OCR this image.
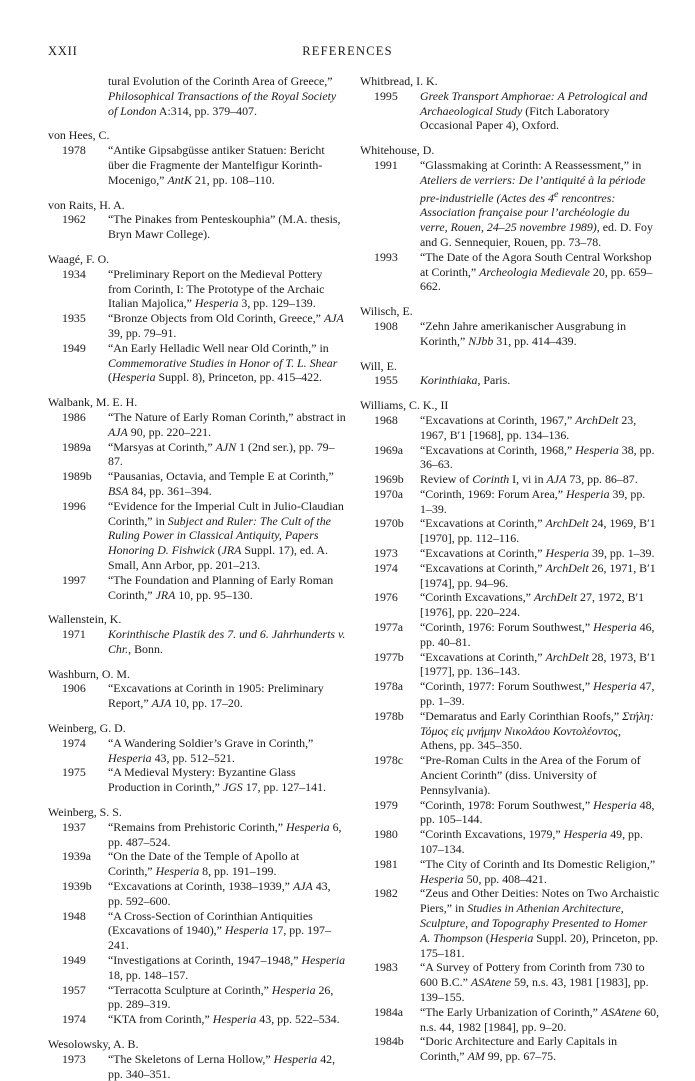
XXII	REFERENCES
tural Evolution of the Corinth Area of Greece,” Philosophical Transactions of the Royal Society of London A:314, pp. 379–407.
von Hees, C.
1978	“Antike Gipsabgüsse antiker Statuen: Bericht über die Fragmente der Mantelfigur Korinth-Mocenigo,” AntK 21, pp. 108–110.
von Raits, H. A.
1962	“The Pinakes from Penteskouphia” (M.A. thesis, Bryn Mawr College).
Waagé, F. O.
1934	“Preliminary Report on the Medieval Pottery from Corinth, I: The Prototype of the Archaic Italian Majolica,” Hesperia 3, pp. 129–139.
1935	“Bronze Objects from Old Corinth, Greece,” AJA 39, pp. 79–91.
1949	“An Early Helladic Well near Old Corinth,” in Commemorative Studies in Honor of T. L. Shear (Hesperia Suppl. 8), Princeton, pp. 415–422.
Walbank, M. E. H.
1986	“The Nature of Early Roman Corinth,” abstract in AJA 90, pp. 220–221.
1989a	“Marsyas at Corinth,” AJN 1 (2nd ser.), pp. 79–87.
1989b	“Pausanias, Octavia, and Temple E at Corinth,” BSA 84, pp. 361–394.
1996	“Evidence for the Imperial Cult in Julio-Claudian Corinth,” in Subject and Ruler: The Cult of the Ruling Power in Classical Antiquity, Papers Honoring D. Fishwick (JRA Suppl. 17), ed. A. Small, Ann Arbor, pp. 201–213.
1997	“The Foundation and Planning of Early Roman Corinth,” JRA 10, pp. 95–130.
Wallenstein, K.
1971	Korinthische Plastik des 7. und 6. Jahrhunderts v. Chr., Bonn.
Washburn, O. M.
1906	“Excavations at Corinth in 1905: Preliminary Report,” AJA 10, pp. 17–20.
Weinberg, G. D.
1974	“A Wandering Soldier’s Grave in Corinth,” Hesperia 43, pp. 512–521.
1975	“A Medieval Mystery: Byzantine Glass Production in Corinth,” JGS 17, pp. 127–141.
Weinberg, S. S.
1937	“Remains from Prehistoric Corinth,” Hesperia 6, pp. 487–524.
1939a	“On the Date of the Temple of Apollo at Corinth,” Hesperia 8, pp. 191–199.
1939b	“Excavations at Corinth, 1938–1939,” AJA 43, pp. 592–600.
1948	“A Cross-Section of Corinthian Antiquities (Excavations of 1940),” Hesperia 17, pp. 197–241.
1949	“Investigations at Corinth, 1947–1948,” Hesperia 18, pp. 148–157.
1957	“Terracotta Sculpture at Corinth,” Hesperia 26, pp. 289–319.
1974	“KTA from Corinth,” Hesperia 43, pp. 522–534.
Wesolowsky, A. B.
1973	“The Skeletons of Lerna Hollow,” Hesperia 42, pp. 340–351.
Whitbread, I. K.
1995	Greek Transport Amphorae: A Petrological and Archaeological Study (Fitch Laboratory Occasional Paper 4), Oxford.
Whitehouse, D.
1991	“Glassmaking at Corinth: A Reassessment,” in Ateliers de verriers: De l’antiquité à la période pre-industrielle (Actes des 4e rencontres: Association française pour l’archéologie du verre, Rouen, 24–25 novembre 1989), ed. D. Foy and G. Sennequier, Rouen, pp. 73–78.
1993	“The Date of the Agora South Central Workshop at Corinth,” Archeologia Medievale 20, pp. 659–662.
Wilisch, E.
1908	“Zehn Jahre amerikanischer Ausgrabung in Korinth,” NJbb 31, pp. 414–439.
Will, E.
1955	Korinthiaka, Paris.
Williams, C. K., II
1968	“Excavations at Corinth, 1967,” ArchDelt 23, 1967, B′1 [1968], pp. 134–136.
1969a	“Excavations at Corinth, 1968,” Hesperia 38, pp. 36–63.
1969b	Review of Corinth I, vi in AJA 73, pp. 86–87.
1970a	“Corinth, 1969: Forum Area,” Hesperia 39, pp. 1–39.
1970b	“Excavations at Corinth,” ArchDelt 24, 1969, B′1 [1970], pp. 112–116.
1973	“Excavations at Corinth,” Hesperia 39, pp. 1–39.
1974	“Excavations at Corinth,” ArchDelt 26, 1971, B′1 [1974], pp. 94–96.
1976	“Corinth Excavations,” ArchDelt 27, 1972, B′1 [1976], pp. 220–224.
1977a	“Corinth, 1976: Forum Southwest,” Hesperia 46, pp. 40–81.
1977b	“Excavations at Corinth,” ArchDelt 28, 1973, B′1 [1977], pp. 136–143.
1978a	“Corinth, 1977: Forum Southwest,” Hesperia 47, pp. 1–39.
1978b	“Demaratus and Early Corinthian Roofs,” Στήλη: Τόμος εἰς μνήμην Νικολάου Κοντολέοντος, Athens, pp. 345–350.
1978c	“Pre-Roman Cults in the Area of the Forum of Ancient Corinth” (diss. University of Pennsylvania).
1979	“Corinth, 1978: Forum Southwest,” Hesperia 48, pp. 105–144.
1980	“Corinth Excavations, 1979,” Hesperia 49, pp. 107–134.
1981	“The City of Corinth and Its Domestic Religion,” Hesperia 50, pp. 408–421.
1982	“Zeus and Other Deities: Notes on Two Archaistic Piers,” in Studies in Athenian Architecture, Sculpture, and Topography Presented to Homer A. Thompson (Hesperia Suppl. 20), Princeton, pp. 175–181.
1983	“A Survey of Pottery from Corinth from 730 to 600 B.C.” ASAtene 59, n.s. 43, 1981 [1983], pp. 139–155.
1984a	“The Early Urbanization of Corinth,” ASAtene 60, n.s. 44, 1982 [1984], pp. 9–20.
1984b	“Doric Architecture and Early Capitals in Corinth,” AM 99, pp. 67–75.
